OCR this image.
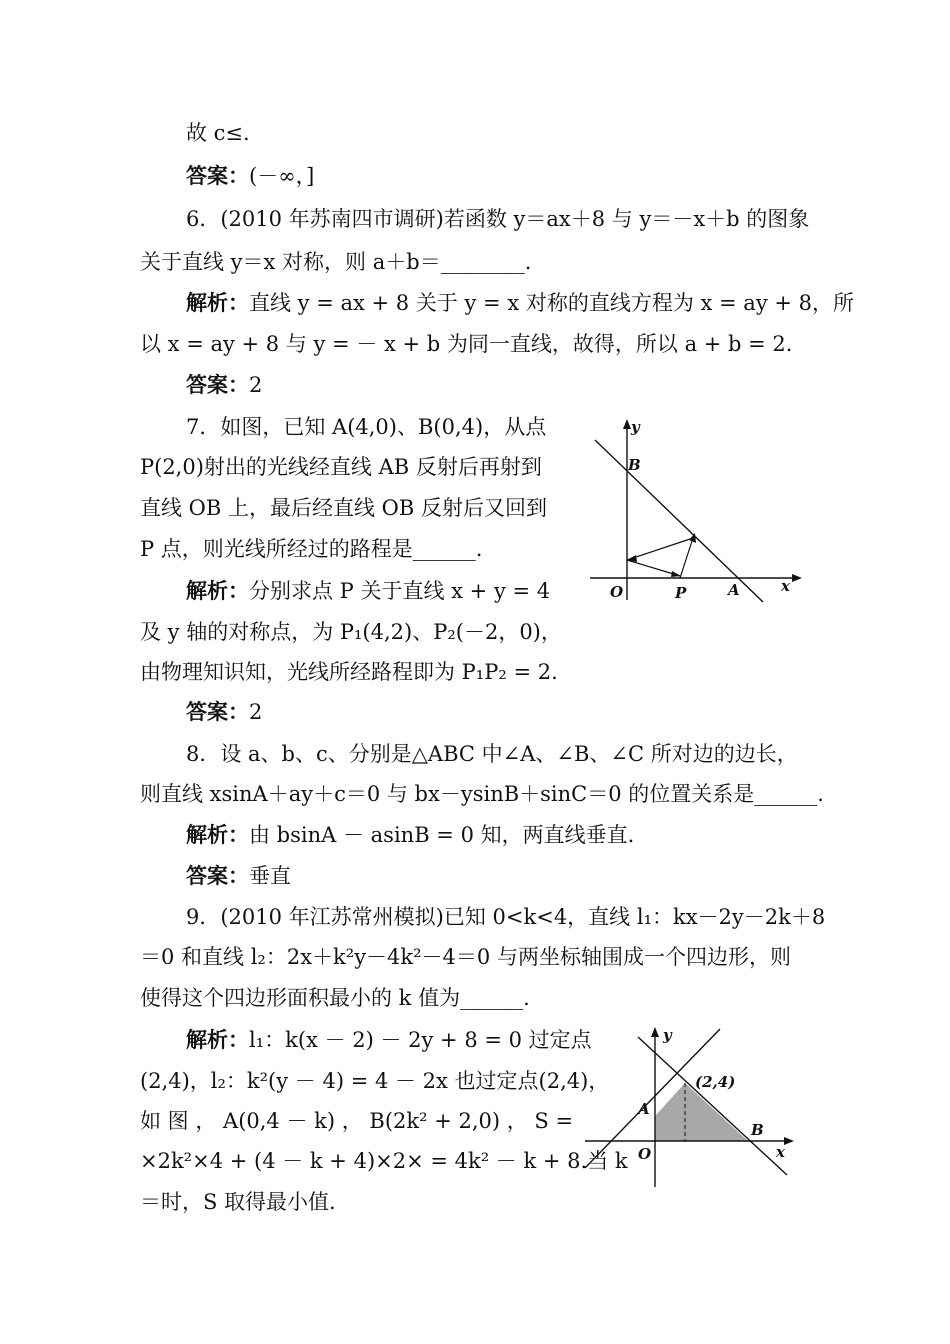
故 c≤.
答案：(－∞，]
6．(2010 年苏南四市调研)若函数 y＝ax＋8 与 y＝－x＋b 的图象
关于直线 y＝x 对称，则 a＋b＝________.
解析：直线 y = ax + 8 关于 y = x 对称的直线方程为 x = ay + 8，所
以 x = ay + 8 与 y = － x + b 为同一直线，故得，所以 a + b = 2.
答案：2
7．如图，已知 A(4,0)、B(0,4)，从点
P(2,0)射出的光线经直线 AB 反射后再射到
直线 OB 上，最后经直线 OB 反射后又回到
P 点，则光线所经过的路程是______.
解析：分别求点 P 关于直线 x + y = 4
及 y 轴的对称点，为 P₁(4,2)、P₂(－2，0)，
由物理知识知，光线所经路程即为 P₁P₂ = 2.
答案：2
8．设 a、b、c、分别是△ABC 中∠A、∠B、∠C 所对边的边长，
则直线 xsinA＋ay＋c＝0 与 bx－ysinB＋sinC＝0 的位置关系是______.
解析：由 bsinA － asinB = 0 知，两直线垂直.
答案：垂直
9．(2010 年江苏常州模拟)已知 0<k<4，直线 l₁：kx－2y－2k＋8
＝0 和直线 l₂：2x＋k²y－4k²－4＝0 与两坐标轴围成一个四边形，则
使得这个四边形面积最小的 k 值为______.
解析：l₁：k(x － 2) － 2y + 8 = 0 过定点
(2,4)，l₂：k²(y － 4) = 4 － 2x 也过定点(2,4)，
如 图 ， A(0,4 － k) ， B(2k² + 2,0) ， S =
×2k²×4 + (4 － k + 4)×2× = 4k² － k + 8.当 k
＝时，S 取得最小值.
y
B
O	P	A	x
y
(2,4)
A
O
B
x
